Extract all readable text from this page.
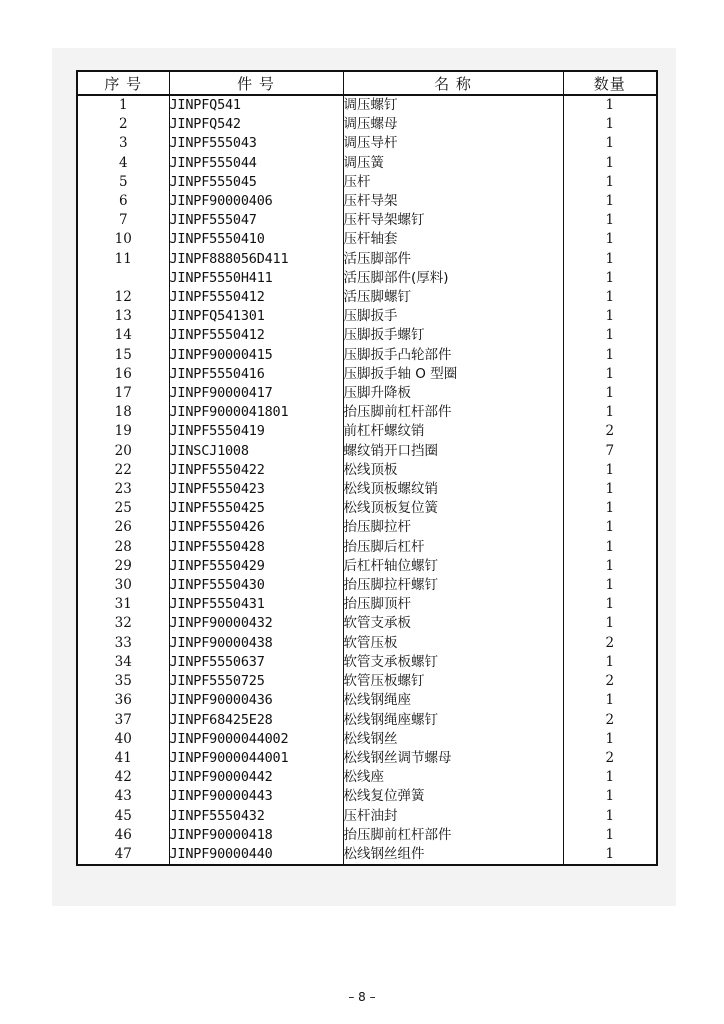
序 号	件 号	名 称	数量
1	JINPFQ541	调压螺钉	1
2	JINPFQ542	调压螺母	1
3	JINPF555043	调压导杆	1
4	JINPF555044	调压簧	1
5	JINPF555045	压杆	1
6	JINPF90000406	压杆导架	1
7	JINPF555047	压杆导架螺钉	1
10	JINPF5550410	压杆轴套	1
11	JINPF888056D411	活压脚部件	1
	JINPF5550H411	活压脚部件(厚料)	1
12	JINPF5550412	活压脚螺钉	1
13	JINPFQ541301	压脚扳手	1
14	JINPF5550412	压脚扳手螺钉	1
15	JINPF90000415	压脚扳手凸轮部件	1
16	JINPF5550416	压脚扳手轴 O 型圈	1
17	JINPF90000417	压脚升降板	1
18	JINPF9000041801	抬压脚前杠杆部件	1
19	JINPF5550419	前杠杆螺纹销	2
20	JINSCJ1008	螺纹销开口挡圈	7
22	JINPF5550422	松线顶板	1
23	JINPF5550423	松线顶板螺纹销	1
25	JINPF5550425	松线顶板复位簧	1
26	JINPF5550426	抬压脚拉杆	1
28	JINPF5550428	抬压脚后杠杆	1
29	JINPF5550429	后杠杆轴位螺钉	1
30	JINPF5550430	抬压脚拉杆螺钉	1
31	JINPF5550431	抬压脚顶杆	1
32	JINPF90000432	软管支承板	1
33	JINPF90000438	软管压板	2
34	JINPF5550637	软管支承板螺钉	1
35	JINPF5550725	软管压板螺钉	2
36	JINPF90000436	松线钢绳座	1
37	JINPF68425E28	松线钢绳座螺钉	2
40	JINPF9000044002	松线钢丝	1
41	JINPF9000044001	松线钢丝调节螺母	2
42	JINPF90000442	松线座	1
43	JINPF90000443	松线复位弹簧	1
45	JINPF5550432	压杆油封	1
46	JINPF90000418	抬压脚前杠杆部件	1
47	JINPF90000440	松线钢丝组件	1
– 8 –
